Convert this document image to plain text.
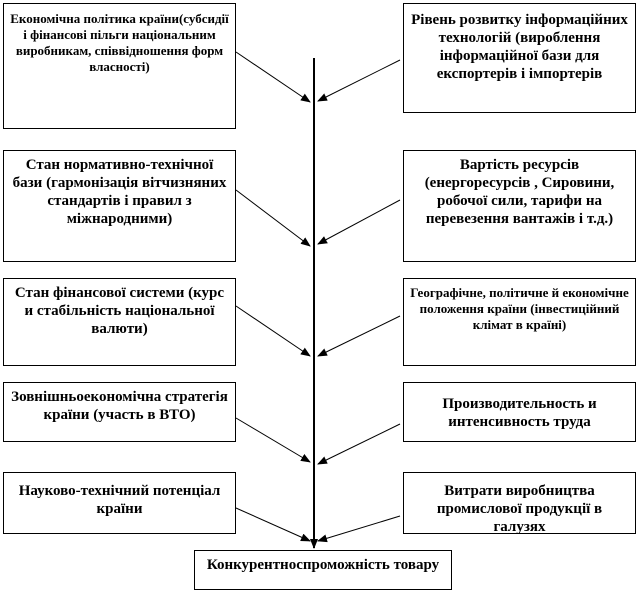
Економічна політика країни(субсидії і фінансові пільги національним виробникам, співвідношення форм власності)
Стан нормативно-технічної бази (гармонізація вітчизняних стандартів і правил з міжнародними)
Стан фінансової системи (курс и стабільність національної валюти)
Зовнішньоекономічна стратегія країни (участь в ВТО)
Науково-технічний потенціал країни
Рівень розвитку інформаційних технологій (вироблення інформаційної бази для експортерів і імпортерів
Вартість ресурсів (енергоресурсів , Сировини, робочої сили, тарифи на перевезення вантажів і т.д.)
Географічне, політичне й економічне положення країни (інвестиційний клімат в країні)
Производительность и интенсивность труда
Витрати виробництва промислової продукції в галузях
Конкурентноспроможність товару
